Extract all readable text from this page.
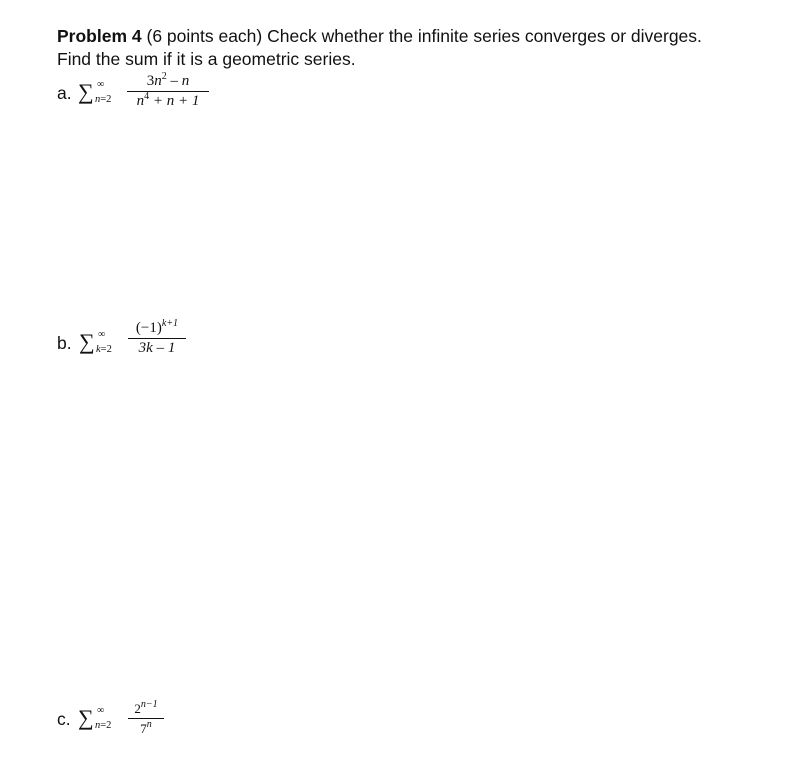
Problem 4 (6 points each) Check whether the infinite series converges or diverges.
Find the sum if it is a geometric series.
a. ∑ ∞
n=2
$3n^2$ – n
$n^4 + n + 1$
b. ∑ ∞
k=2
$(-1)^{k+1}$
3k – 1
c. ∑ ∞
n=2
$2^{n-1}$
7$^n$
